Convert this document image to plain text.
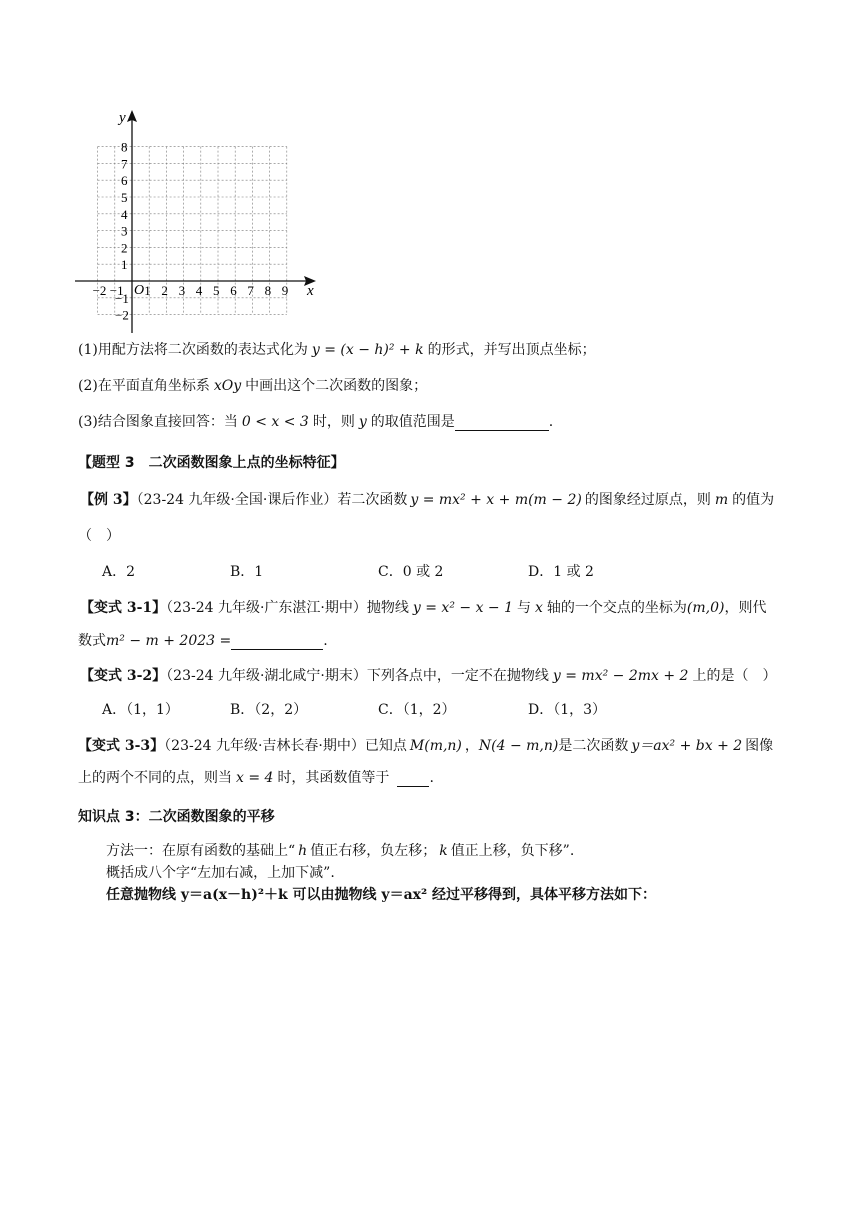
y
x
O
−2 −1 1 2 3 4 5 6 7 8 9
8
7
6
5
4
3
2
1
−1
−2
(1)用配方法将二次函数的表达式化为 y = (x − h)² + k 的形式，并写出顶点坐标；
(2)在平面直角坐标系 xOy 中画出这个二次函数的图象；
(3)结合图象直接回答：当 0 < x < 3 时，则 y 的取值范围是	.
【题型 3　二次函数图象上点的坐标特征】
【例 3】（23-24 九年级·全国·课后作业）若二次函数 y = mx² + x + m(m − 2) 的图象经过原点，则 m 的值为
（　）
A．2	B．1	C．0 或 2	D．1 或 2
【变式 3-1】（23-24 九年级·广东湛江·期中）抛物线 y = x² − x − 1 与 x 轴的一个交点的坐标为(m,0)，则代
数式m² − m + 2023 =	.
【变式 3-2】（23-24 九年级·湖北咸宁·期末）下列各点中，一定不在抛物线 y = mx² − 2mx + 2 上的是（　）
A．（1，1）	B．（2，2）	C．（1，2）	D．（1，3）
【变式 3-3】（23-24 九年级·吉林长春·期中）已知点 M(m,n) ，N(4 − m,n)是二次函数 y＝ax² + bx + 2 图像
上的两个不同的点，则当 x = 4 时，其函数值等于	.
知识点 3：二次函数图象的平移
方法一：在原有函数的基础上“ h 值正右移，负左移； k 值正上移，负下移”.
概括成八个字“左加右减，上加下减”.
任意抛物线 y＝a(x－h)²＋k 可以由抛物线 y＝ax² 经过平移得到，具体平移方法如下：
